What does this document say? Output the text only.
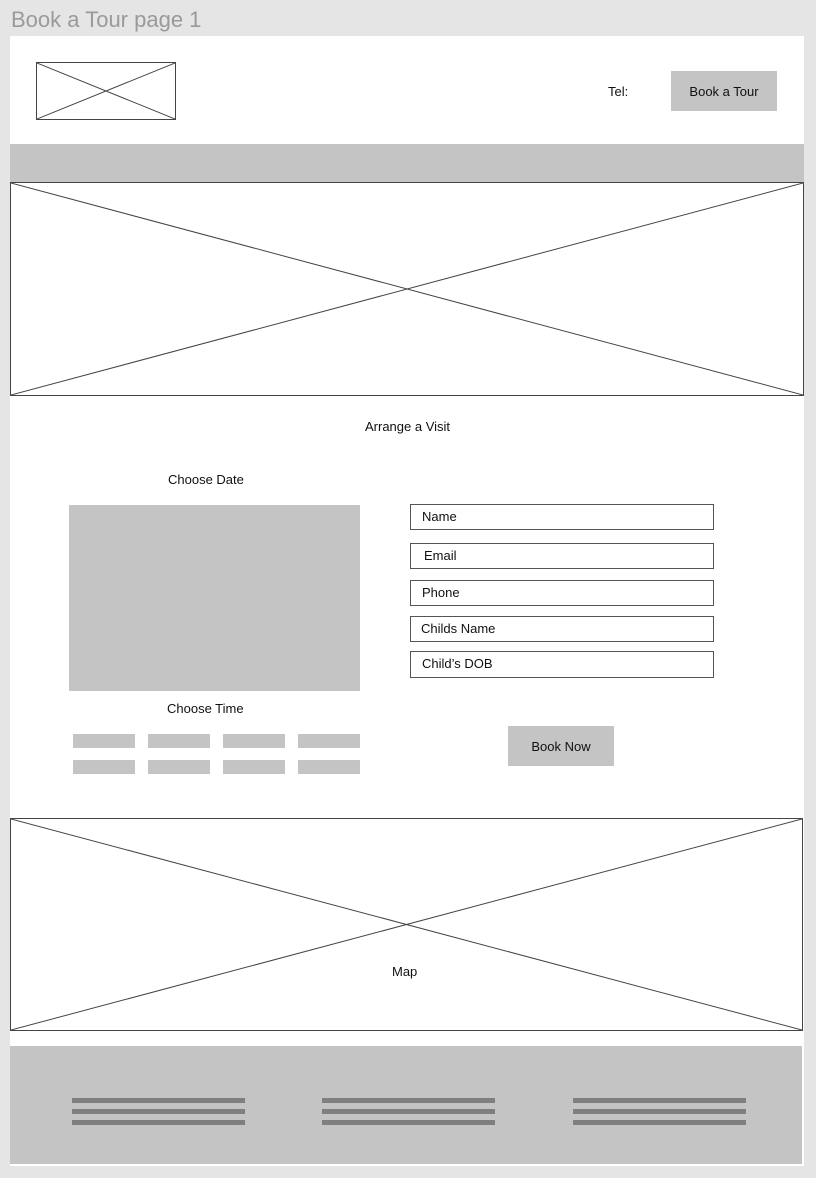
Book a Tour page 1
Tel:	Book a Tour
Arrange a Visit
Choose Date
Choose Time
Name
Email
Phone
Childs Name
Child’s DOB
Book Now
Map
